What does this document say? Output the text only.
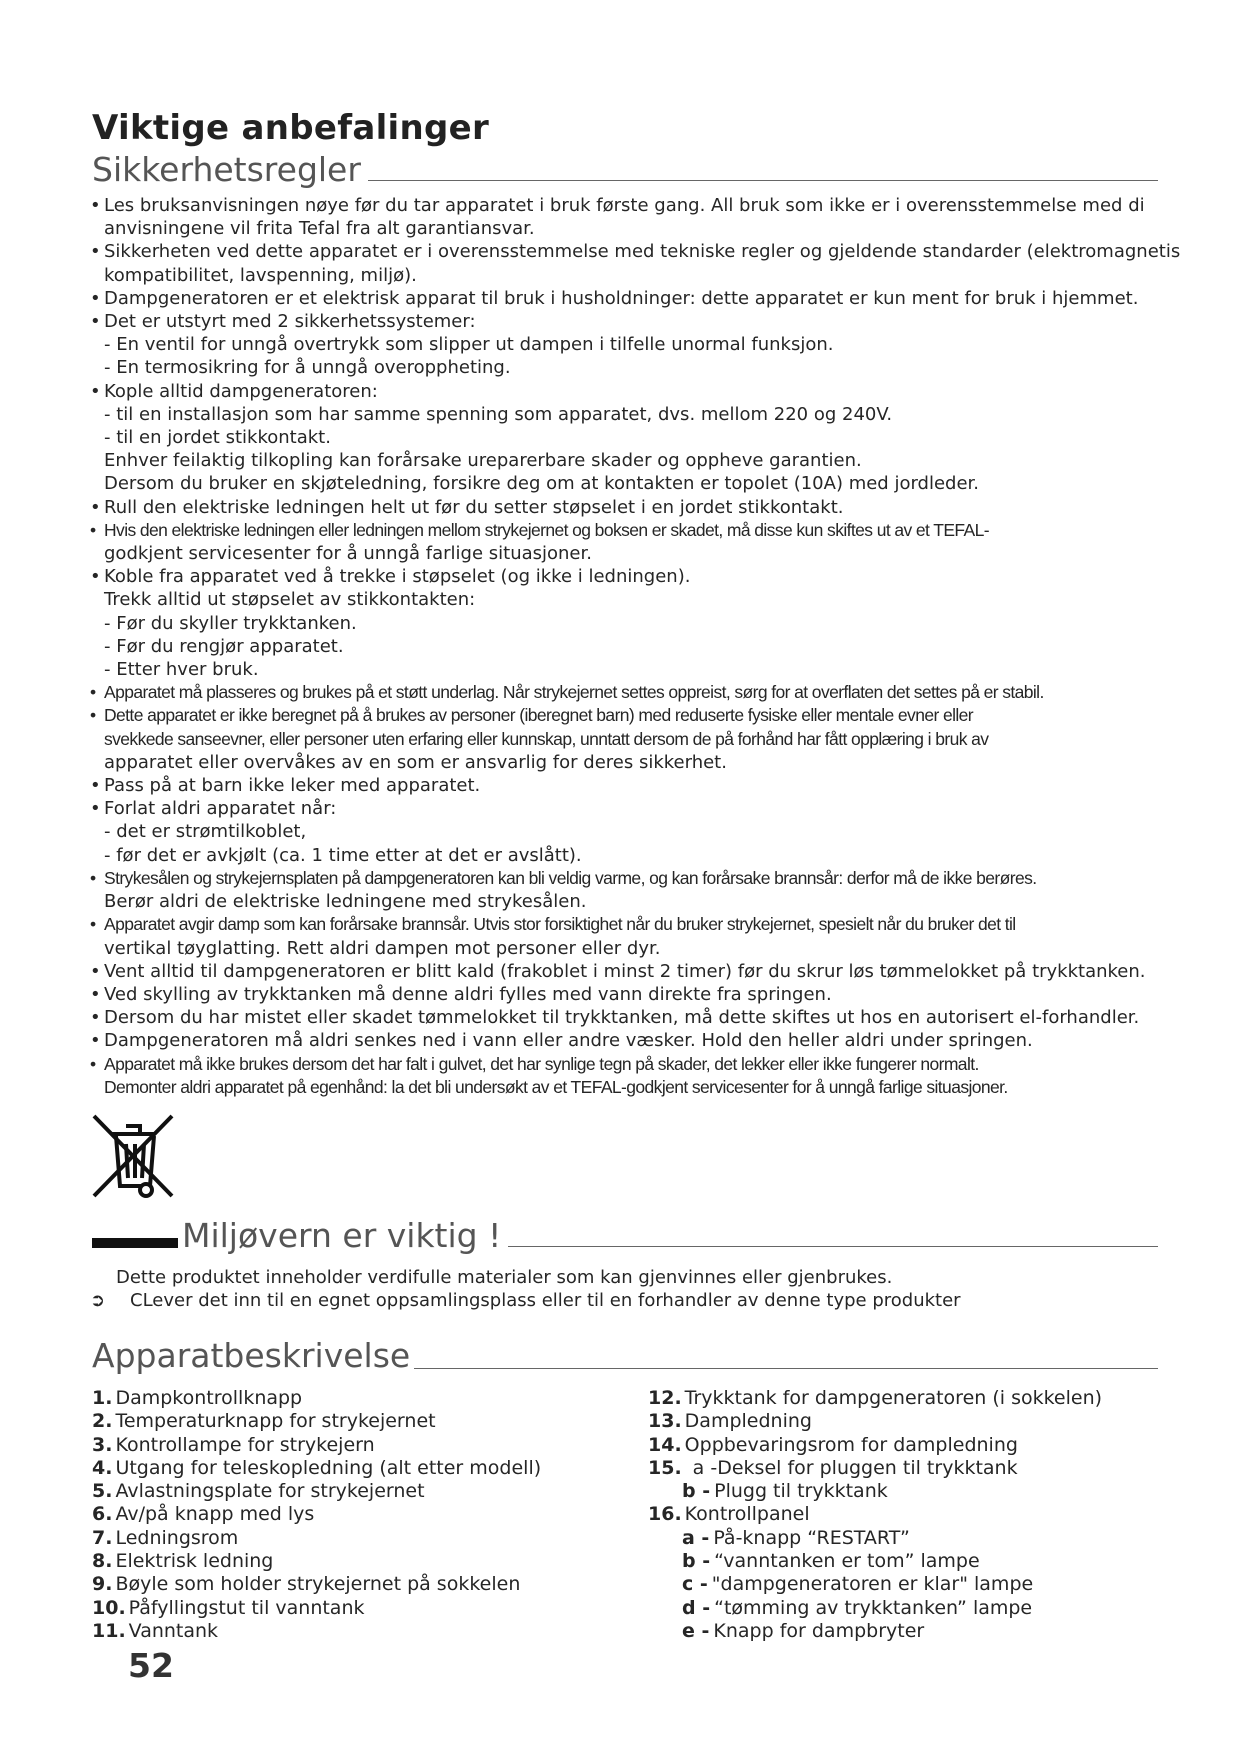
Viktige anbefalinger
Sikkerhetsregler
• Les bruksanvisningen nøye før du tar apparatet i bruk første gang. All bruk som ikke er i overensstemmelse med di anvisningene vil frita Tefal fra alt garantiansvar.
• Sikkerheten ved dette apparatet er i overensstemmelse med tekniske regler og gjeldende standarder (elektromagnetis kompatibilitet, lavspenning, miljø).
• Dampgeneratoren er et elektrisk apparat til bruk i husholdninger: dette apparatet er kun ment for bruk i hjemmet.
• Det er utstyrt med 2 sikkerhetssystemer:
- En ventil for unngå overtrykk som slipper ut dampen i tilfelle unormal funksjon.
- En termosikring for å unngå overoppheting.
• Kople alltid dampgeneratoren:
- til en installasjon som har samme spenning som apparatet, dvs. mellom 220 og 240V.
- til en jordet stikkontakt.
Enhver feilaktig tilkopling kan forårsake ureparerbare skader og oppheve garantien.
Dersom du bruker en skjøteledning, forsikre deg om at kontakten er topolet (10A) med jordleder.
• Rull den elektriske ledningen helt ut før du setter støpselet i en jordet stikkontakt.
• Hvis den elektriske ledningen eller ledningen mellom strykejernet og boksen er skadet, må disse kun skiftes ut av et TEFAL-
godkjent servicesenter for å unngå farlige situasjoner.
• Koble fra apparatet ved å trekke i støpselet (og ikke i ledningen).
Trekk alltid ut støpselet av stikkontakten:
- Før du skyller trykktanken.
- Før du rengjør apparatet.
- Etter hver bruk.
• Apparatet må plasseres og brukes på et støtt underlag. Når strykejernet settes oppreist, sørg for at overflaten det settes på er stabil.
• Dette apparatet er ikke beregnet på å brukes av personer (iberegnet barn) med reduserte fysiske eller mentale evner eller
svekkede sanseevner, eller personer uten erfaring eller kunnskap, unntatt dersom de på forhånd har fått opplæring i bruk av
apparatet eller overvåkes av en som er ansvarlig for deres sikkerhet.
• Pass på at barn ikke leker med apparatet.
• Forlat aldri apparatet når:
- det er strømtilkoblet,
- før det er avkjølt (ca. 1 time etter at det er avslått).
• Strykesålen og strykejernsplaten på dampgeneratoren kan bli veldig varme, og kan forårsake brannsår: derfor må de ikke berøres.
Berør aldri de elektriske ledningene med strykesålen.
• Apparatet avgir damp som kan forårsake brannsår. Utvis stor forsiktighet når du bruker strykejernet, spesielt når du bruker det til
vertikal tøyglatting. Rett aldri dampen mot personer eller dyr.
• Vent alltid til dampgeneratoren er blitt kald (frakoblet i minst 2 timer) før du skrur løs tømmelokket på trykktanken.
• Ved skylling av trykktanken må denne aldri fylles med vann direkte fra springen.
• Dersom du har mistet eller skadet tømmelokket til trykktanken, må dette skiftes ut hos en autorisert el-forhandler.
• Dampgeneratoren må aldri senkes ned i vann eller andre væsker. Hold den heller aldri under springen.
• Apparatet må ikke brukes dersom det har falt i gulvet, det har synlige tegn på skader, det lekker eller ikke fungerer normalt.
Demonter aldri apparatet på egenhånd: la det bli undersøkt av et TEFAL-godkjent servicesenter for å unngå farlige situasjoner.
Miljøvern er viktig !
Dette produktet inneholder verdifulle materialer som kan gjenvinnes eller gjenbrukes.
➲ CLever det inn til en egnet oppsamlingsplass eller til en forhandler av denne type produkter
Apparatbeskrivelse
1. Dampkontrollknapp
2. Temperaturknapp for strykejernet
3. Kontrollampe for strykejern
4. Utgang for teleskopledning (alt etter modell)
5. Avlastningsplate for strykejernet
6. Av/på knapp med lys
7. Ledningsrom
8. Elektrisk ledning
9. Bøyle som holder strykejernet på sokkelen
10. Påfyllingstut til vanntank
11. Vanntank
12. Trykktank for dampgeneratoren (i sokkelen)
13. Dampledning
14. Oppbevaringsrom for dampledning
15. a - Deksel for pluggen til trykktank
b - Plugg til trykktank
16. Kontrollpanel
a - På-knapp “RESTART”
b - “vanntanken er tom” lampe
c - "dampgeneratoren er klar" lampe
d - “tømming av trykktanken” lampe
e - Knapp for dampbryter
52
